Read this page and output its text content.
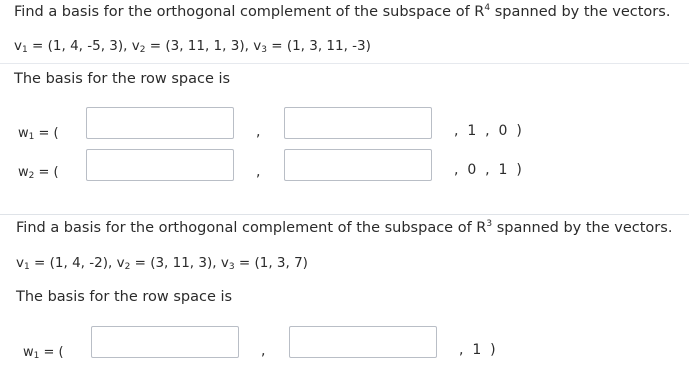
Find a basis for the orthogonal complement of the subspace of $R^4$ spanned by the vectors.
$v_1 = (1$, 4, -5, 3), $v_2 = (3$, 11, 1, 3), $v_3 = (1$, 3, 11, -3)
The basis for the row space is
$w_1$ = (	,	,  1  ,  0  )
$w_2$ = (	,	,  0  ,  1  )
Find a basis for the orthogonal complement of the subspace of $R^3$ spanned by the vectors.
$v_1 = (1$, 4, -2), $v_2 = (3$, 11, 3), $v_3 = (1$, 3, 7)
The basis for the row space is
$w_1$ = (	,	,  1  )
